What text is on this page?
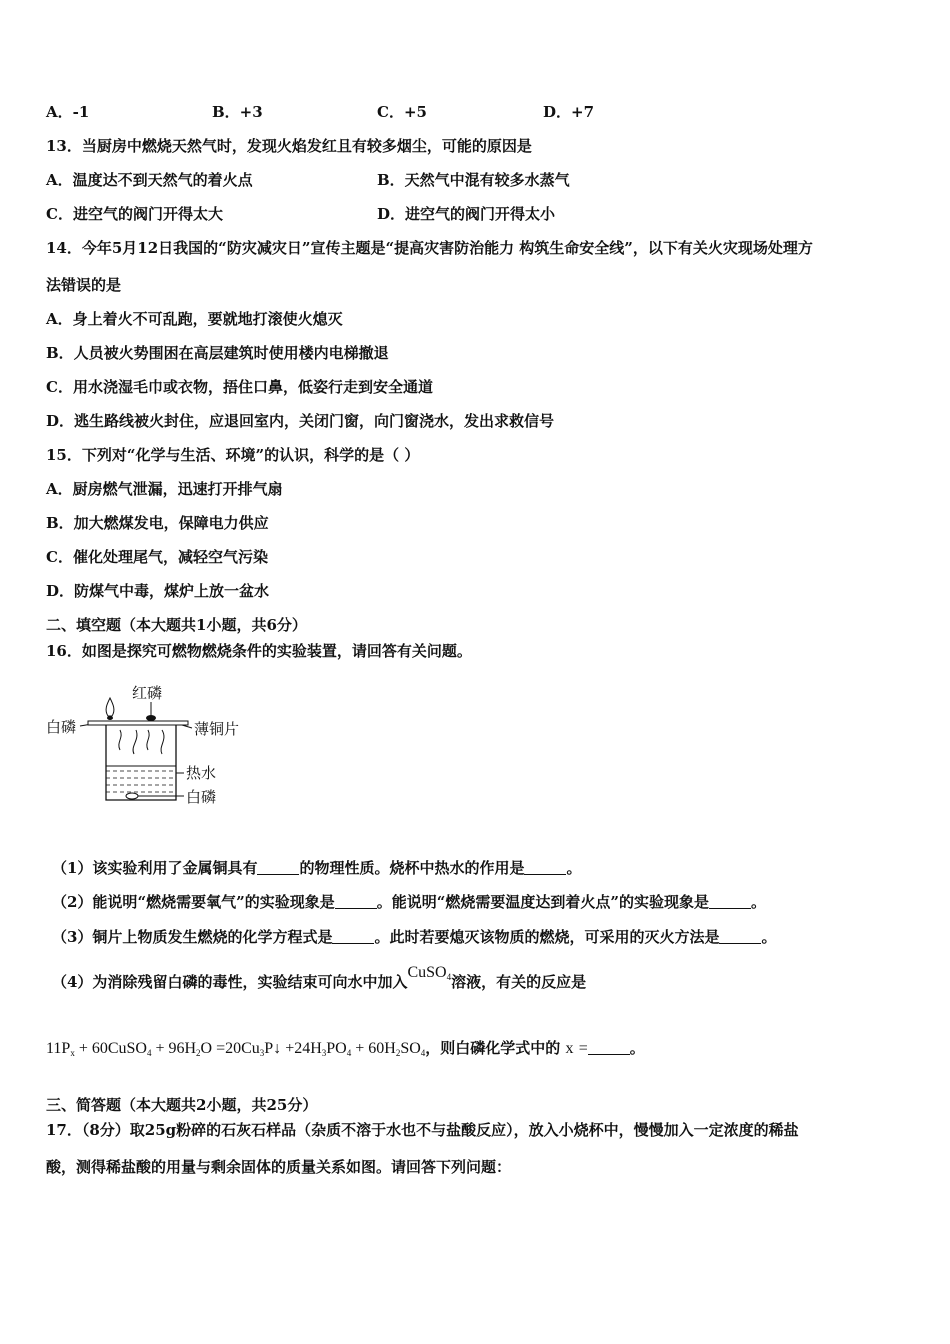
A．-1	B．+3	C．+5	D．+7
13．当厨房中燃烧天然气时，发现火焰发红且有较多烟尘，可能的原因是
A．温度达不到天然气的着火点	B．天然气中混有较多水蒸气
C．进空气的阀门开得太大	D．进空气的阀门开得太小
14．今年5月12日我国的“防灾减灾日”宣传主题是“提高灾害防治能力 构筑生命安全线”，以下有关火灾现场处理方
法错误的是
A．身上着火不可乱跑，要就地打滚使火熄灭
B．人员被火势围困在高层建筑时使用楼内电梯撤退
C．用水浇湿毛巾或衣物，捂住口鼻，低姿行走到安全通道
D．逃生路线被火封住，应退回室内，关闭门窗，向门窗浇水，发出求救信号
15．下列对“化学与生活、环境”的认识，科学的是（ ）
A．厨房燃气泄漏，迅速打开排气扇
B．加大燃煤发电，保障电力供应
C．催化处理尾气，减轻空气污染
D．防煤气中毒，煤炉上放一盆水
二、填空题（本大题共1小题，共6分）
16．如图是探究可燃物燃烧条件的实验装置，请回答有关问题。
红磷
白磷	薄铜片
热水
白磷
（1）该实验利用了金属铜具有	的物理性质。烧杯中热水的作用是	。
（2）能说明“燃烧需要氧气”的实验现象是	。能说明“燃烧需要温度达到着火点”的实验现象是	。
（3）铜片上物质发生燃烧的化学方程式是	。此时若要熄灭该物质的燃烧，可采用的灭火方法是	。
（4）为消除残留白磷的毒性，实验结束可向水中加入CuSO$_4$溶液，有关的反应是
$11P_x$ + 60CuSO$_4$ + $96H_2O$ $=20Cu_3P↓ +24H_3PO_4 + 60H_2SO_4$，则白磷化学式中的 x =	。
三、简答题（本大题共2小题，共25分）
17．（8分）取25g粉碎的石灰石样品（杂质不溶于水也不与盐酸反应），放入小烧杯中，慢慢加入一定浓度的稀盐
酸，测得稀盐酸的用量与剩余固体的质量关系如图。请回答下列问题：
